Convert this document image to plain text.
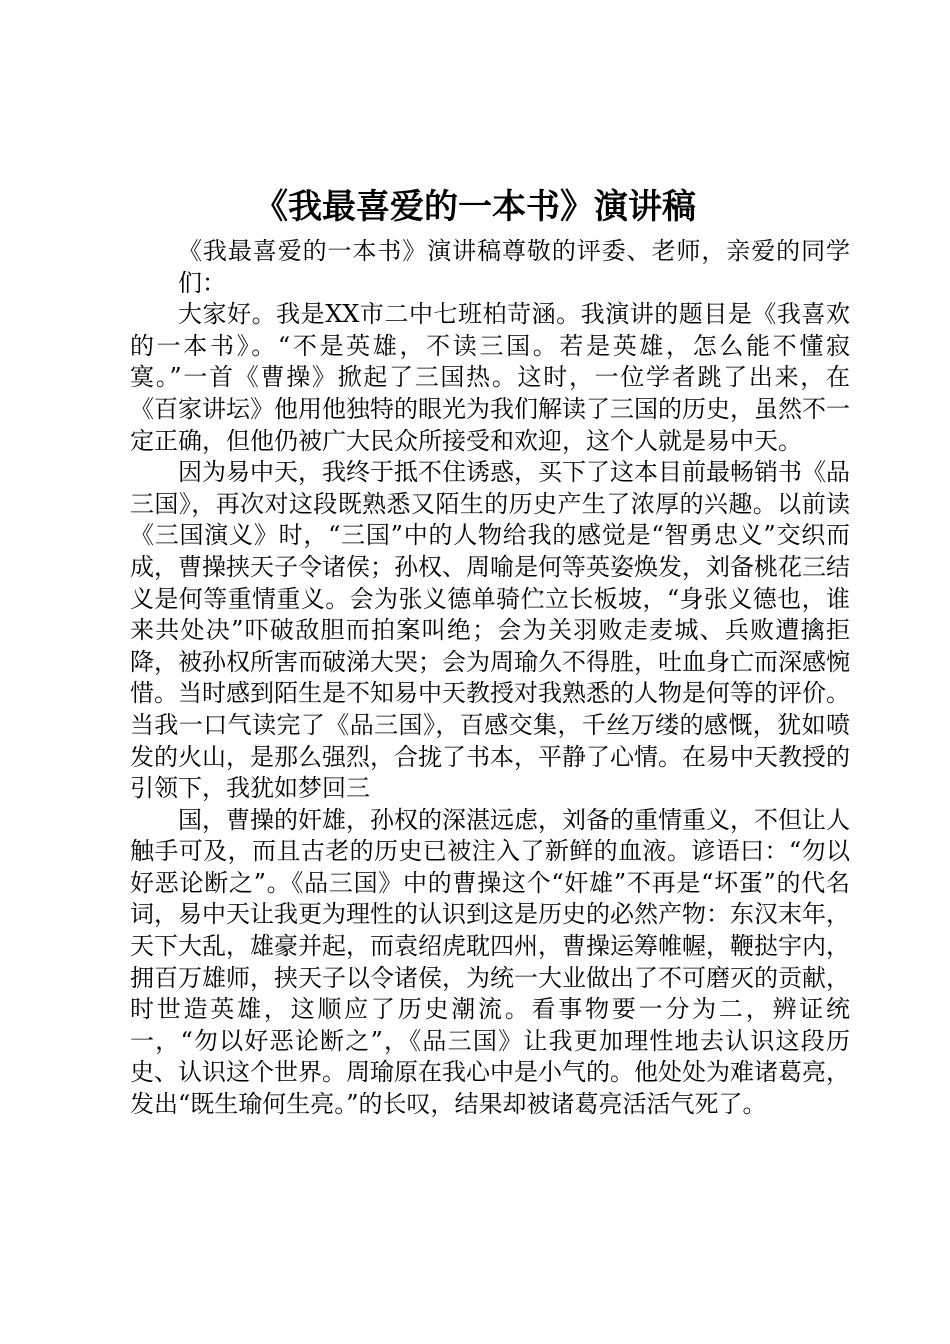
《我最喜爱的一本书》演讲稿

《我最喜爱的一本书》演讲稿尊敬的评委、老师，亲爱的同学们：

大家好。我是XX市二中七班柏苛涵。我演讲的题目是《我喜欢的一本书》。“不是英雄，不读三国。若是英雄，怎么能不懂寂寞。”一首《曹操》掀起了三国热。这时，一位学者跳了出来，在《百家讲坛》他用他独特的眼光为我们解读了三国的历史，虽然不一定正确，但他仍被广大民众所接受和欢迎，这个人就是易中天。

因为易中天，我终于抵不住诱惑，买下了这本目前最畅销书《品三国》，再次对这段既熟悉又陌生的历史产生了浓厚的兴趣。以前读《三国演义》时，“三国”中的人物给我的感觉是“智勇忠义”交织而成，曹操挟天子令诸侯；孙权、周喻是何等英姿焕发，刘备桃花三结义是何等重情重义。会为张义德单骑伫立长板坡，“身张义德也，谁来共处决”吓破敌胆而拍案叫绝；会为关羽败走麦城、兵败遭擒拒降，被孙权所害而破涕大哭；会为周瑜久不得胜，吐血身亡而深感惋惜。当时感到陌生是不知易中天教授对我熟悉的人物是何等的评价。当我一口气读完了《品三国》，百感交集，千丝万缕的感慨，犹如喷发的火山，是那么强烈，合拢了书本，平静了心情。在易中天教授的引领下，我犹如梦回三

国，曹操的奸雄，孙权的深湛远虑，刘备的重情重义，不但让人触手可及，而且古老的历史已被注入了新鲜的血液。谚语曰：“勿以好恶论断之”。《品三国》中的曹操这个“奸雄”不再是“坏蛋”的代名词，易中天让我更为理性的认识到这是历史的必然产物：东汉末年，天下大乱，雄豪并起，而袁绍虎耽四州，曹操运筹帷幄，鞭挞宇内，拥百万雄师，挟天子以令诸侯，为统一大业做出了不可磨灭的贡献，时世造英雄，这顺应了历史潮流。看事物要一分为二，辨证统一，“勿以好恶论断之”，《品三国》让我更加理性地去认识这段历史、认识这个世界。周瑜原在我心中是小气的。他处处为难诸葛亮，发出“既生瑜何生亮。”的长叹，结果却被诸葛亮活活气死了。
